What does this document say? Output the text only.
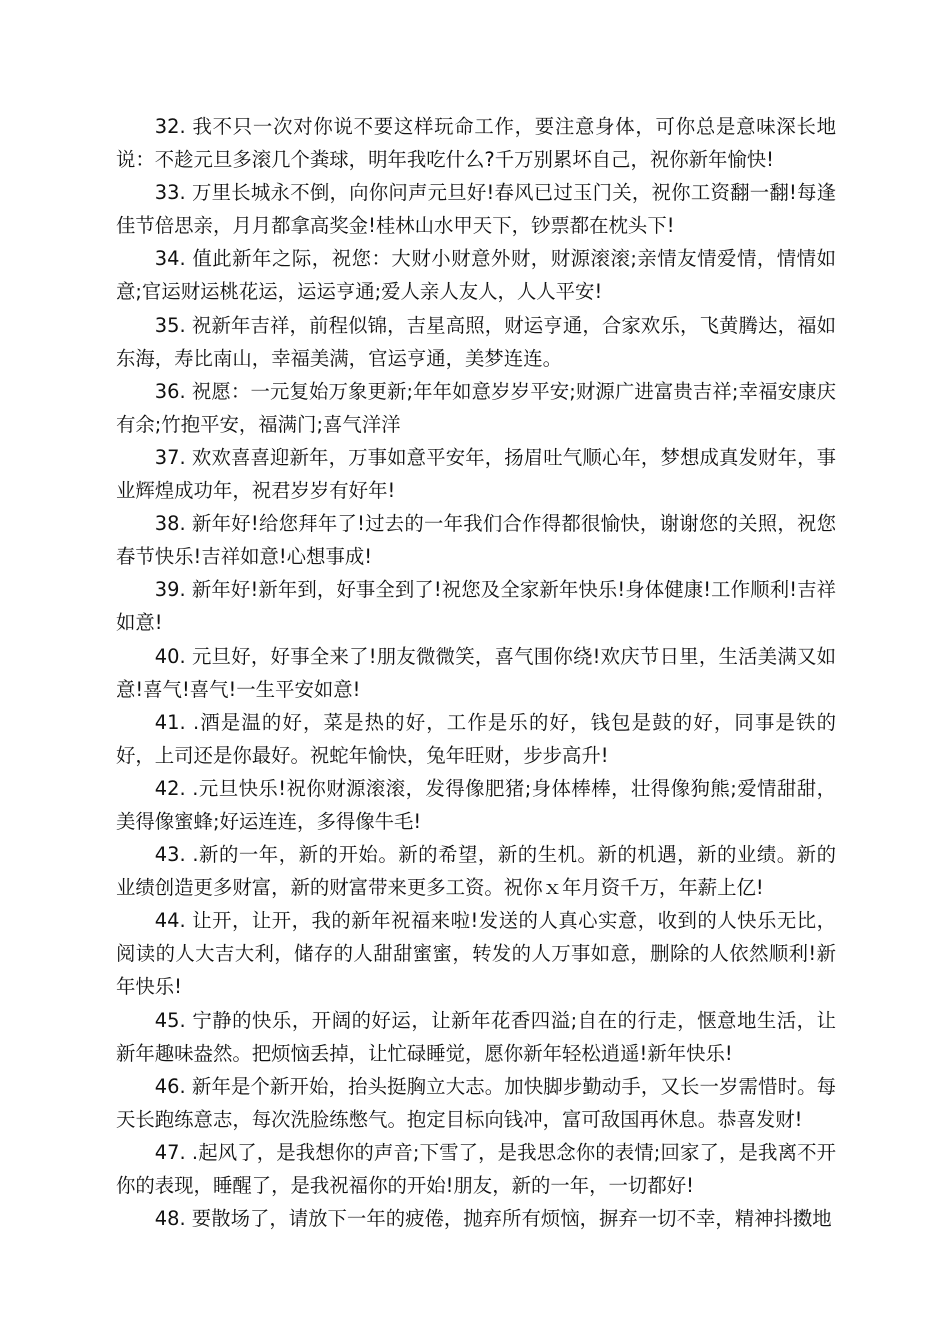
32. 我不只一次对你说不要这样玩命工作，要注意身体，可你总是意味深长地说：不趁元旦多滚几个粪球，明年我吃什么?千万别累坏自己，祝你新年愉快!

33. 万里长城永不倒，向你问声元旦好!春风已过玉门关，祝你工资翻一翻!每逢佳节倍思亲，月月都拿高奖金!桂林山水甲天下，钞票都在枕头下!

34. 值此新年之际，祝您：大财小财意外财，财源滚滚;亲情友情爱情，情情如意;官运财运桃花运，运运亨通;爱人亲人友人，人人平安!

35. 祝新年吉祥，前程似锦，吉星高照，财运亨通，合家欢乐，飞黄腾达，福如东海，寿比南山，幸福美满，官运亨通，美梦连连。

36. 祝愿：一元复始万象更新;年年如意岁岁平安;财源广进富贵吉祥;幸福安康庆有余;竹抱平安，福满门;喜气洋洋

37. 欢欢喜喜迎新年，万事如意平安年，扬眉吐气顺心年，梦想成真发财年，事业辉煌成功年，祝君岁岁有好年!

38. 新年好!给您拜年了!过去的一年我们合作得都很愉快，谢谢您的关照，祝您春节快乐!吉祥如意!心想事成!

39. 新年好!新年到，好事全到了!祝您及全家新年快乐!身体健康!工作顺利!吉祥如意!

40. 元旦好，好事全来了!朋友微微笑，喜气围你绕!欢庆节日里，生活美满又如意!喜气!喜气!一生平安如意!

41. .酒是温的好，菜是热的好，工作是乐的好，钱包是鼓的好，同事是铁的好，上司还是你最好。祝蛇年愉快，兔年旺财，步步高升!

42. .元旦快乐!祝你财源滚滚，发得像肥猪;身体棒棒，壮得像狗熊;爱情甜甜，美得像蜜蜂;好运连连，多得像牛毛!

43. .新的一年，新的开始。新的希望，新的生机。新的机遇，新的业绩。新的业绩创造更多财富，新的财富带来更多工资。祝你ｘ年月资千万，年薪上亿!

44. 让开，让开，我的新年祝福来啦!发送的人真心实意，收到的人快乐无比，阅读的人大吉大利，储存的人甜甜蜜蜜，转发的人万事如意，删除的人依然顺利!新年快乐!

45. 宁静的快乐，开阔的好运，让新年花香四溢;自在的行走，惬意地生活，让新年趣味盎然。把烦恼丢掉，让忙碌睡觉，愿你新年轻松逍遥!新年快乐!

46. 新年是个新开始，抬头挺胸立大志。加快脚步勤动手，又长一岁需惜时。每天长跑练意志，每次洗脸练憋气。抱定目标向钱冲，富可敌国再休息。恭喜发财!

47. .起风了，是我想你的声音;下雪了，是我思念你的表情;回家了，是我离不开你的表现，睡醒了，是我祝福你的开始!朋友，新的一年，一切都好!

48. 要散场了，请放下一年的疲倦，抛弃所有烦恼，摒弃一切不幸，精神抖擞地
